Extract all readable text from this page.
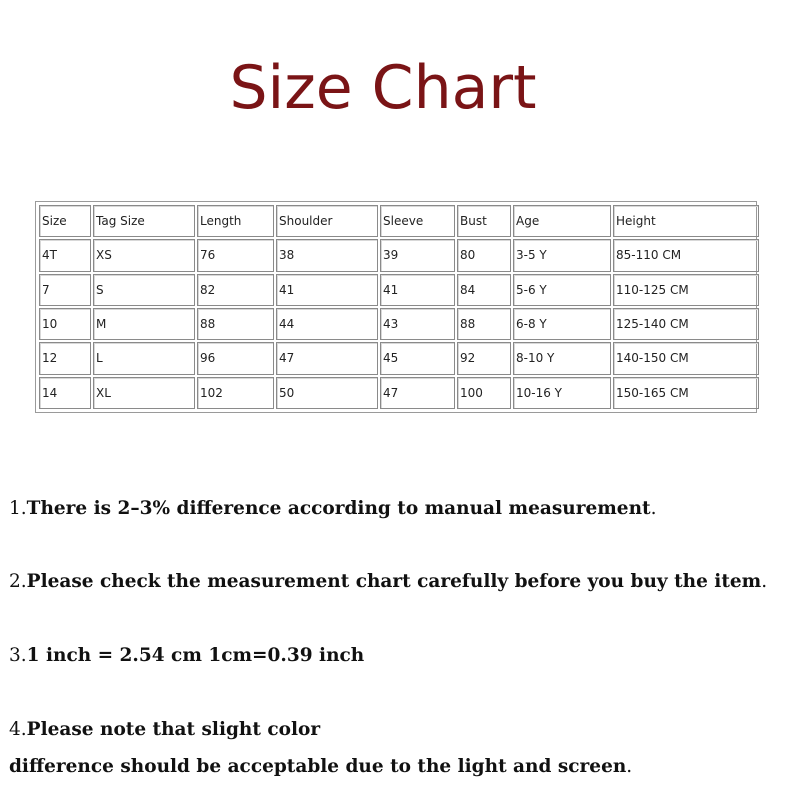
Size Chart
Size	Tag Size	Length	Shoulder	Sleeve	Bust	Age	Height
4T	XS	76	38	39	80	3-5 Y	85-110 CM
7	S	82	41	41	84	5-6 Y	110-125 CM
10	M	88	44	43	88	6-8 Y	125-140 CM
12	L	96	47	45	92	8-10 Y	140-150 CM
14	XL	102	50	47	100	10-16 Y	150-165 CM
1.There is 2–3% difference according to manual measurement.
2.Please check the measurement chart carefully before you buy the item.
3.1 inch = 2.54 cm 1cm=0.39 inch
4.Please note that slight color
difference should be acceptable due to the light and screen.
